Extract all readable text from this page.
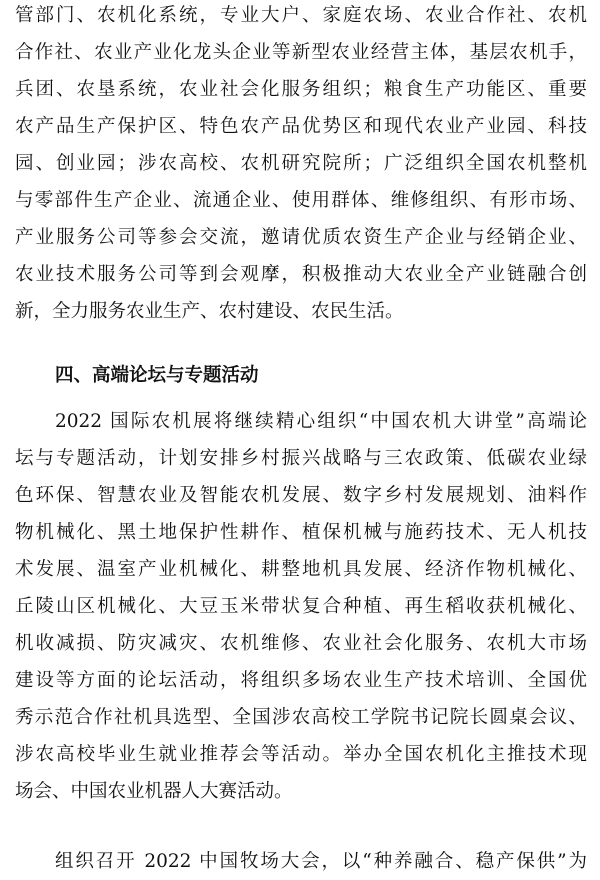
管部门、农机化系统，专业大户、家庭农场、农业合作社、农机
合作社、农业产业化龙头企业等新型农业经营主体，基层农机手，
兵团、农垦系统，农业社会化服务组织；粮食生产功能区、重要
农产品生产保护区、特色农产品优势区和现代农业产业园、科技
园、创业园；涉农高校、农机研究院所；广泛组织全国农机整机
与零部件生产企业、流通企业、使用群体、维修组织、有形市场、
产业服务公司等参会交流，邀请优质农资生产企业与经销企业、
农业技术服务公司等到会观摩，积极推动大农业全产业链融合创
新，全力服务农业生产、农村建设、农民生活。
四、高端论坛与专题活动
2022 国际农机展将继续精心组织“中国农机大讲堂”高端论
坛与专题活动，计划安排乡村振兴战略与三农政策、低碳农业绿
色环保、智慧农业及智能农机发展、数字乡村发展规划、油料作
物机械化、黑土地保护性耕作、植保机械与施药技术、无人机技
术发展、温室产业机械化、耕整地机具发展、经济作物机械化、
丘陵山区机械化、大豆玉米带状复合种植、再生稻收获机械化、
机收减损、防灾减灾、农机维修、农业社会化服务、农机大市场
建设等方面的论坛活动，将组织多场农业生产技术培训、全国优
秀示范合作社机具选型、全国涉农高校工学院书记院长圆桌会议、
涉农高校毕业生就业推荐会等活动。举办全国农机化主推技术现
场会、中国农业机器人大赛活动。
组织召开 2022 中国牧场大会，以“种养融合、稳产保供”为
